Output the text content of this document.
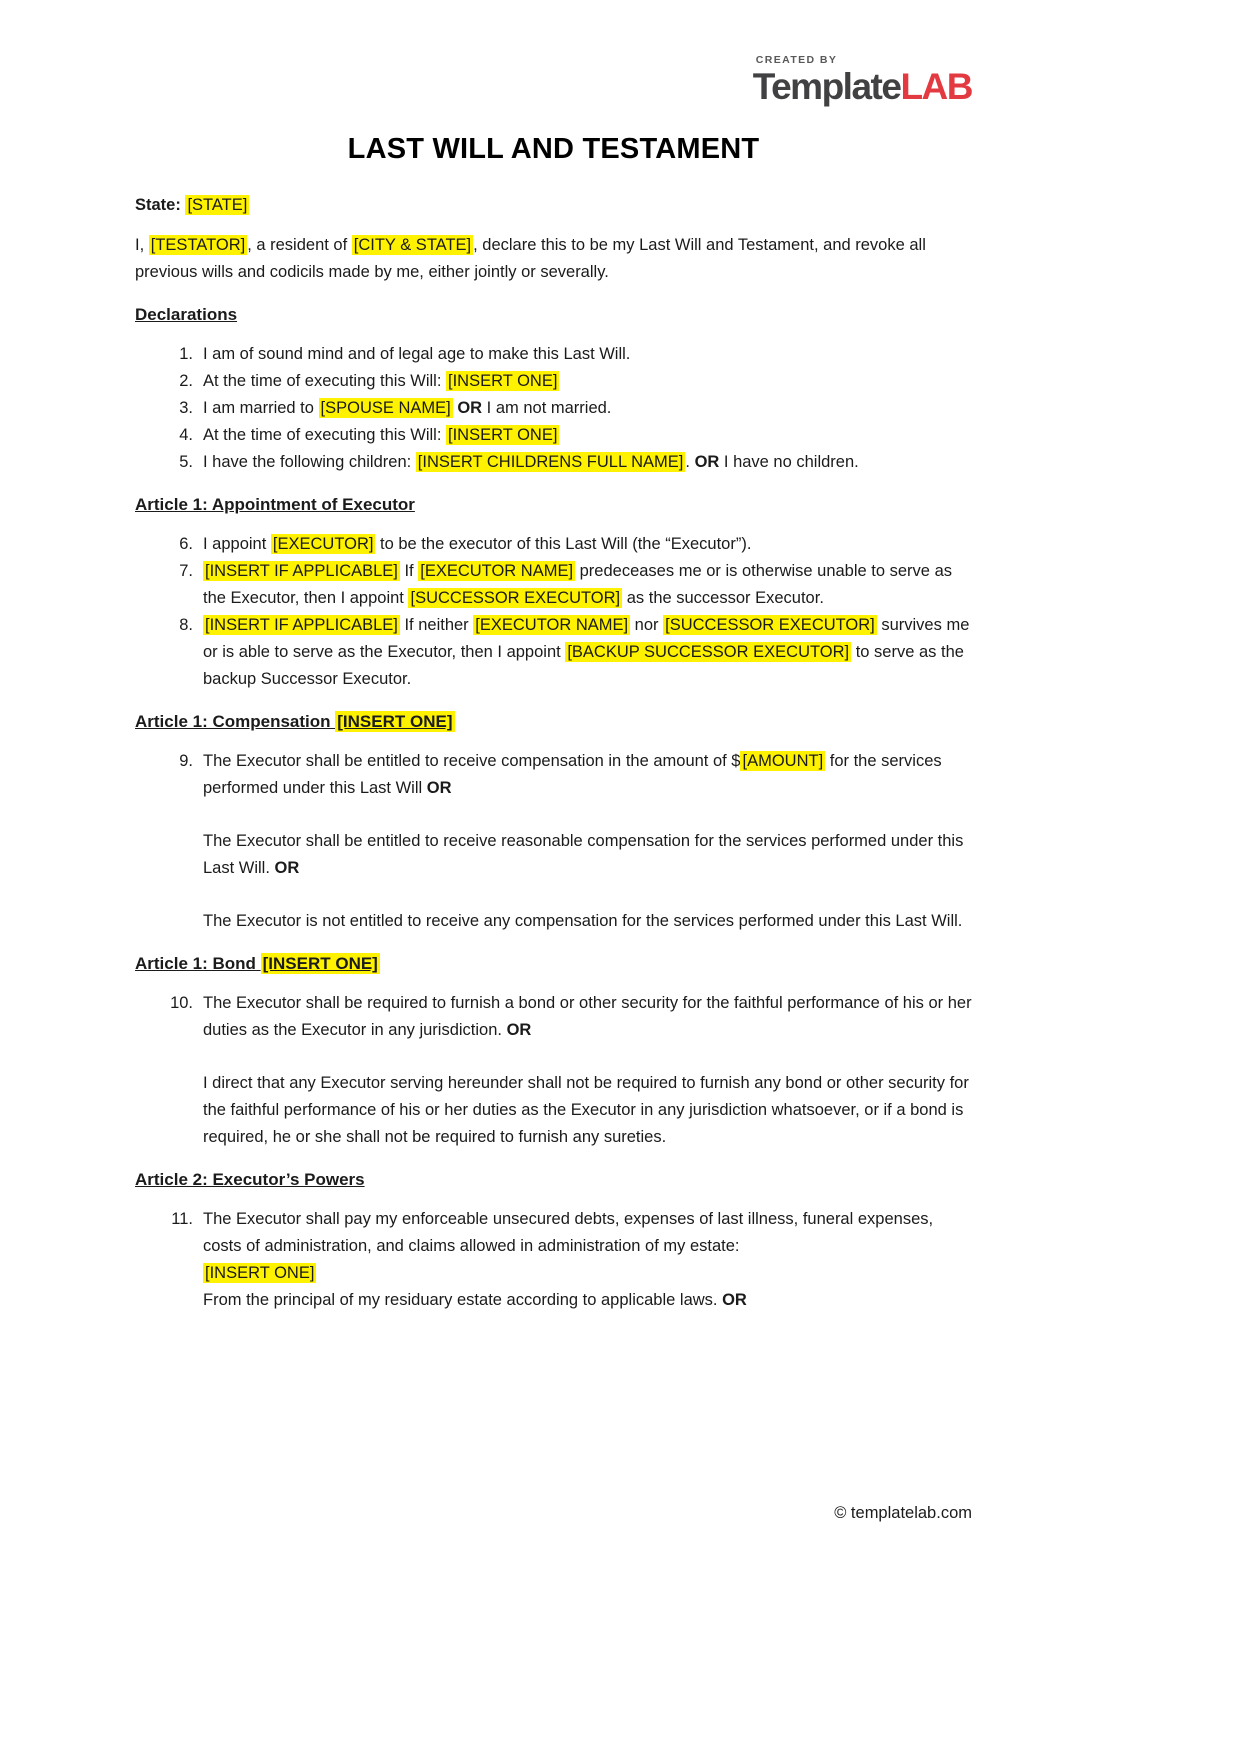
CREATED BY
TemplateLAB
LAST WILL AND TESTAMENT

State: [STATE]

I, [TESTATOR] , a resident of [CITY & STATE] , declare this to be my Last Will and Testament, and revoke all previous wills and codicils made by me, either jointly or severally.

Declarations
1. I am of sound mind and of legal age to make this Last Will.
2. At the time of executing this Will: [INSERT ONE]
3. I am married to [SPOUSE NAME] OR I am not married.
4. At the time of executing this Will: [INSERT ONE]
5. I have the following children: [INSERT CHILDRENS FULL NAME] . OR I have no children.
Article 1: Appointment of Executor
6. I appoint [EXECUTOR] to be the executor of this Last Will (the “Executor”).
7. [INSERT IF APPLICABLE] If [EXECUTOR NAME] predeceases me or is otherwise unable to serve as the Executor, then I appoint [SUCCESSOR EXECUTOR] as the successor Executor.
8. [INSERT IF APPLICABLE] If neither [EXECUTOR NAME] nor [SUCCESSOR EXECUTOR] survives me or is able to serve as the Executor, then I appoint [BACKUP SUCCESSOR EXECUTOR] to serve as the backup Successor Executor.
Article 1: Compensation [INSERT ONE]
9. The Executor shall be entitled to receive compensation in the amount of $ [AMOUNT] for the services performed under this Last Will OR
The Executor shall be entitled to receive reasonable compensation for the services performed under this Last Will. OR
The Executor is not entitled to receive any compensation for the services performed under this Last Will.
Article 1: Bond [INSERT ONE]
10. The Executor shall be required to furnish a bond or other security for the faithful performance of his or her duties as the Executor in any jurisdiction. OR
I direct that any Executor serving hereunder shall not be required to furnish any bond or other security for the faithful performance of his or her duties as the Executor in any jurisdiction whatsoever, or if a bond is required, he or she shall not be required to furnish any sureties.
Article 2: Executor’s Powers
11. The Executor shall pay my enforceable unsecured debts, expenses of last illness, funeral expenses, costs of administration, and claims allowed in administration of my estate:
[INSERT ONE]
From the principal of my residuary estate according to applicable laws. OR
© templatelab.com
